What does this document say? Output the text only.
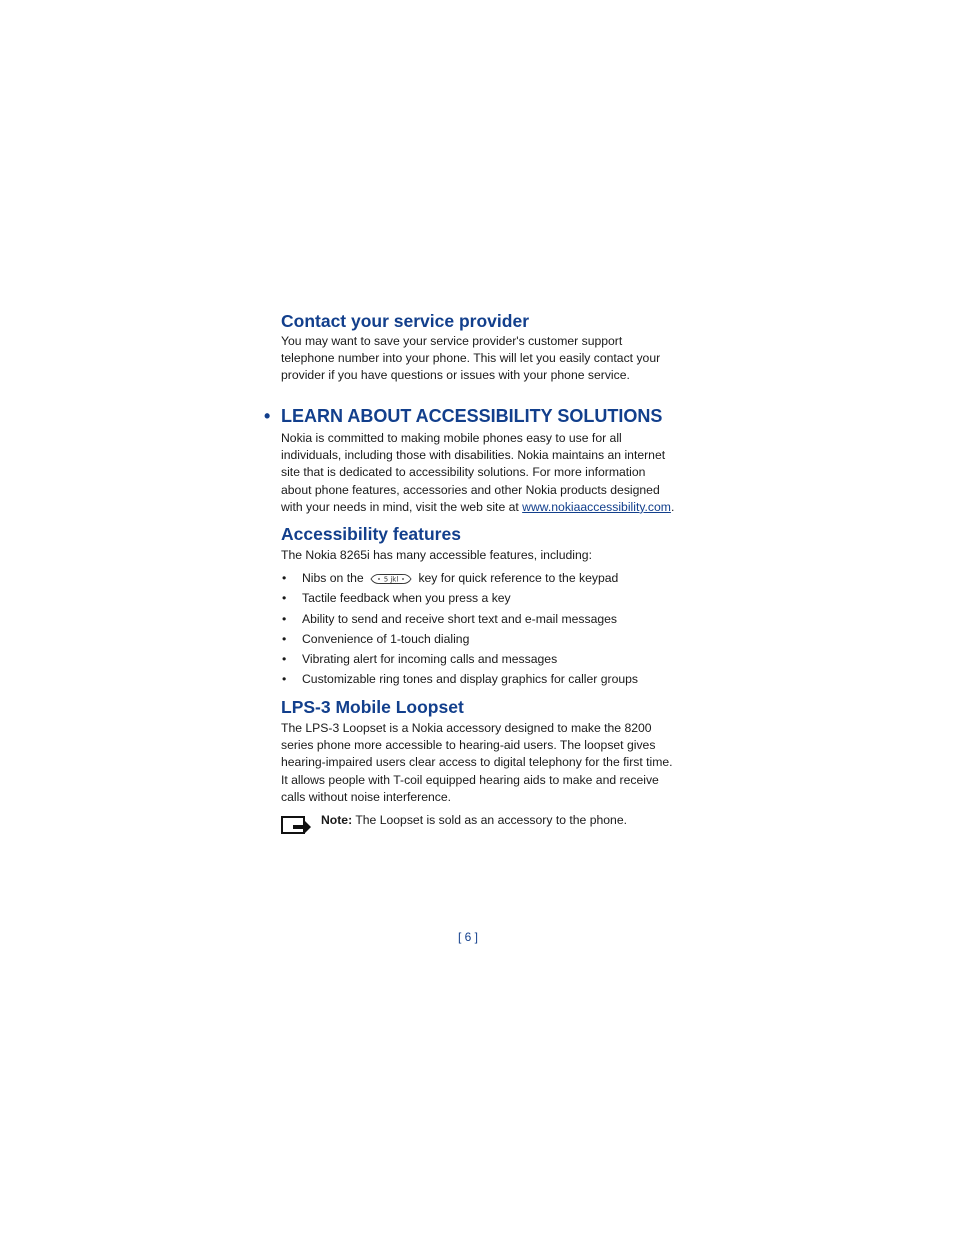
Contact your service provider

You may want to save your service provider's customer support telephone number into your phone. This will let you easily contact your provider if you have questions or issues with your phone service.

• LEARN ABOUT ACCESSIBILITY SOLUTIONS

Nokia is committed to making mobile phones easy to use for all individuals, including those with disabilities. Nokia maintains an internet site that is dedicated to accessibility solutions. For more information about phone features, accessories and other Nokia products designed with your needs in mind, visit the web site at www.nokiaaccessibility.com.

Accessibility features

The Nokia 8265i has many accessible features, including:

• Nibs on the	5 jkl key for quick reference to the keypad
• Tactile feedback when you press a key
• Ability to send and receive short text and e-mail messages
• Convenience of 1-touch dialing
• Vibrating alert for incoming calls and messages
• Customizable ring tones and display graphics for caller groups
LPS-3 Mobile Loopset

The LPS-3 Loopset is a Nokia accessory designed to make the 8200 series phone more accessible to hearing-aid users. The loopset gives hearing-impaired users clear access to digital telephony for the first time. It allows people with T-coil equipped hearing aids to make and receive calls without noise interference.

Note: The Loopset is sold as an accessory to the phone.

[ 6 ]
